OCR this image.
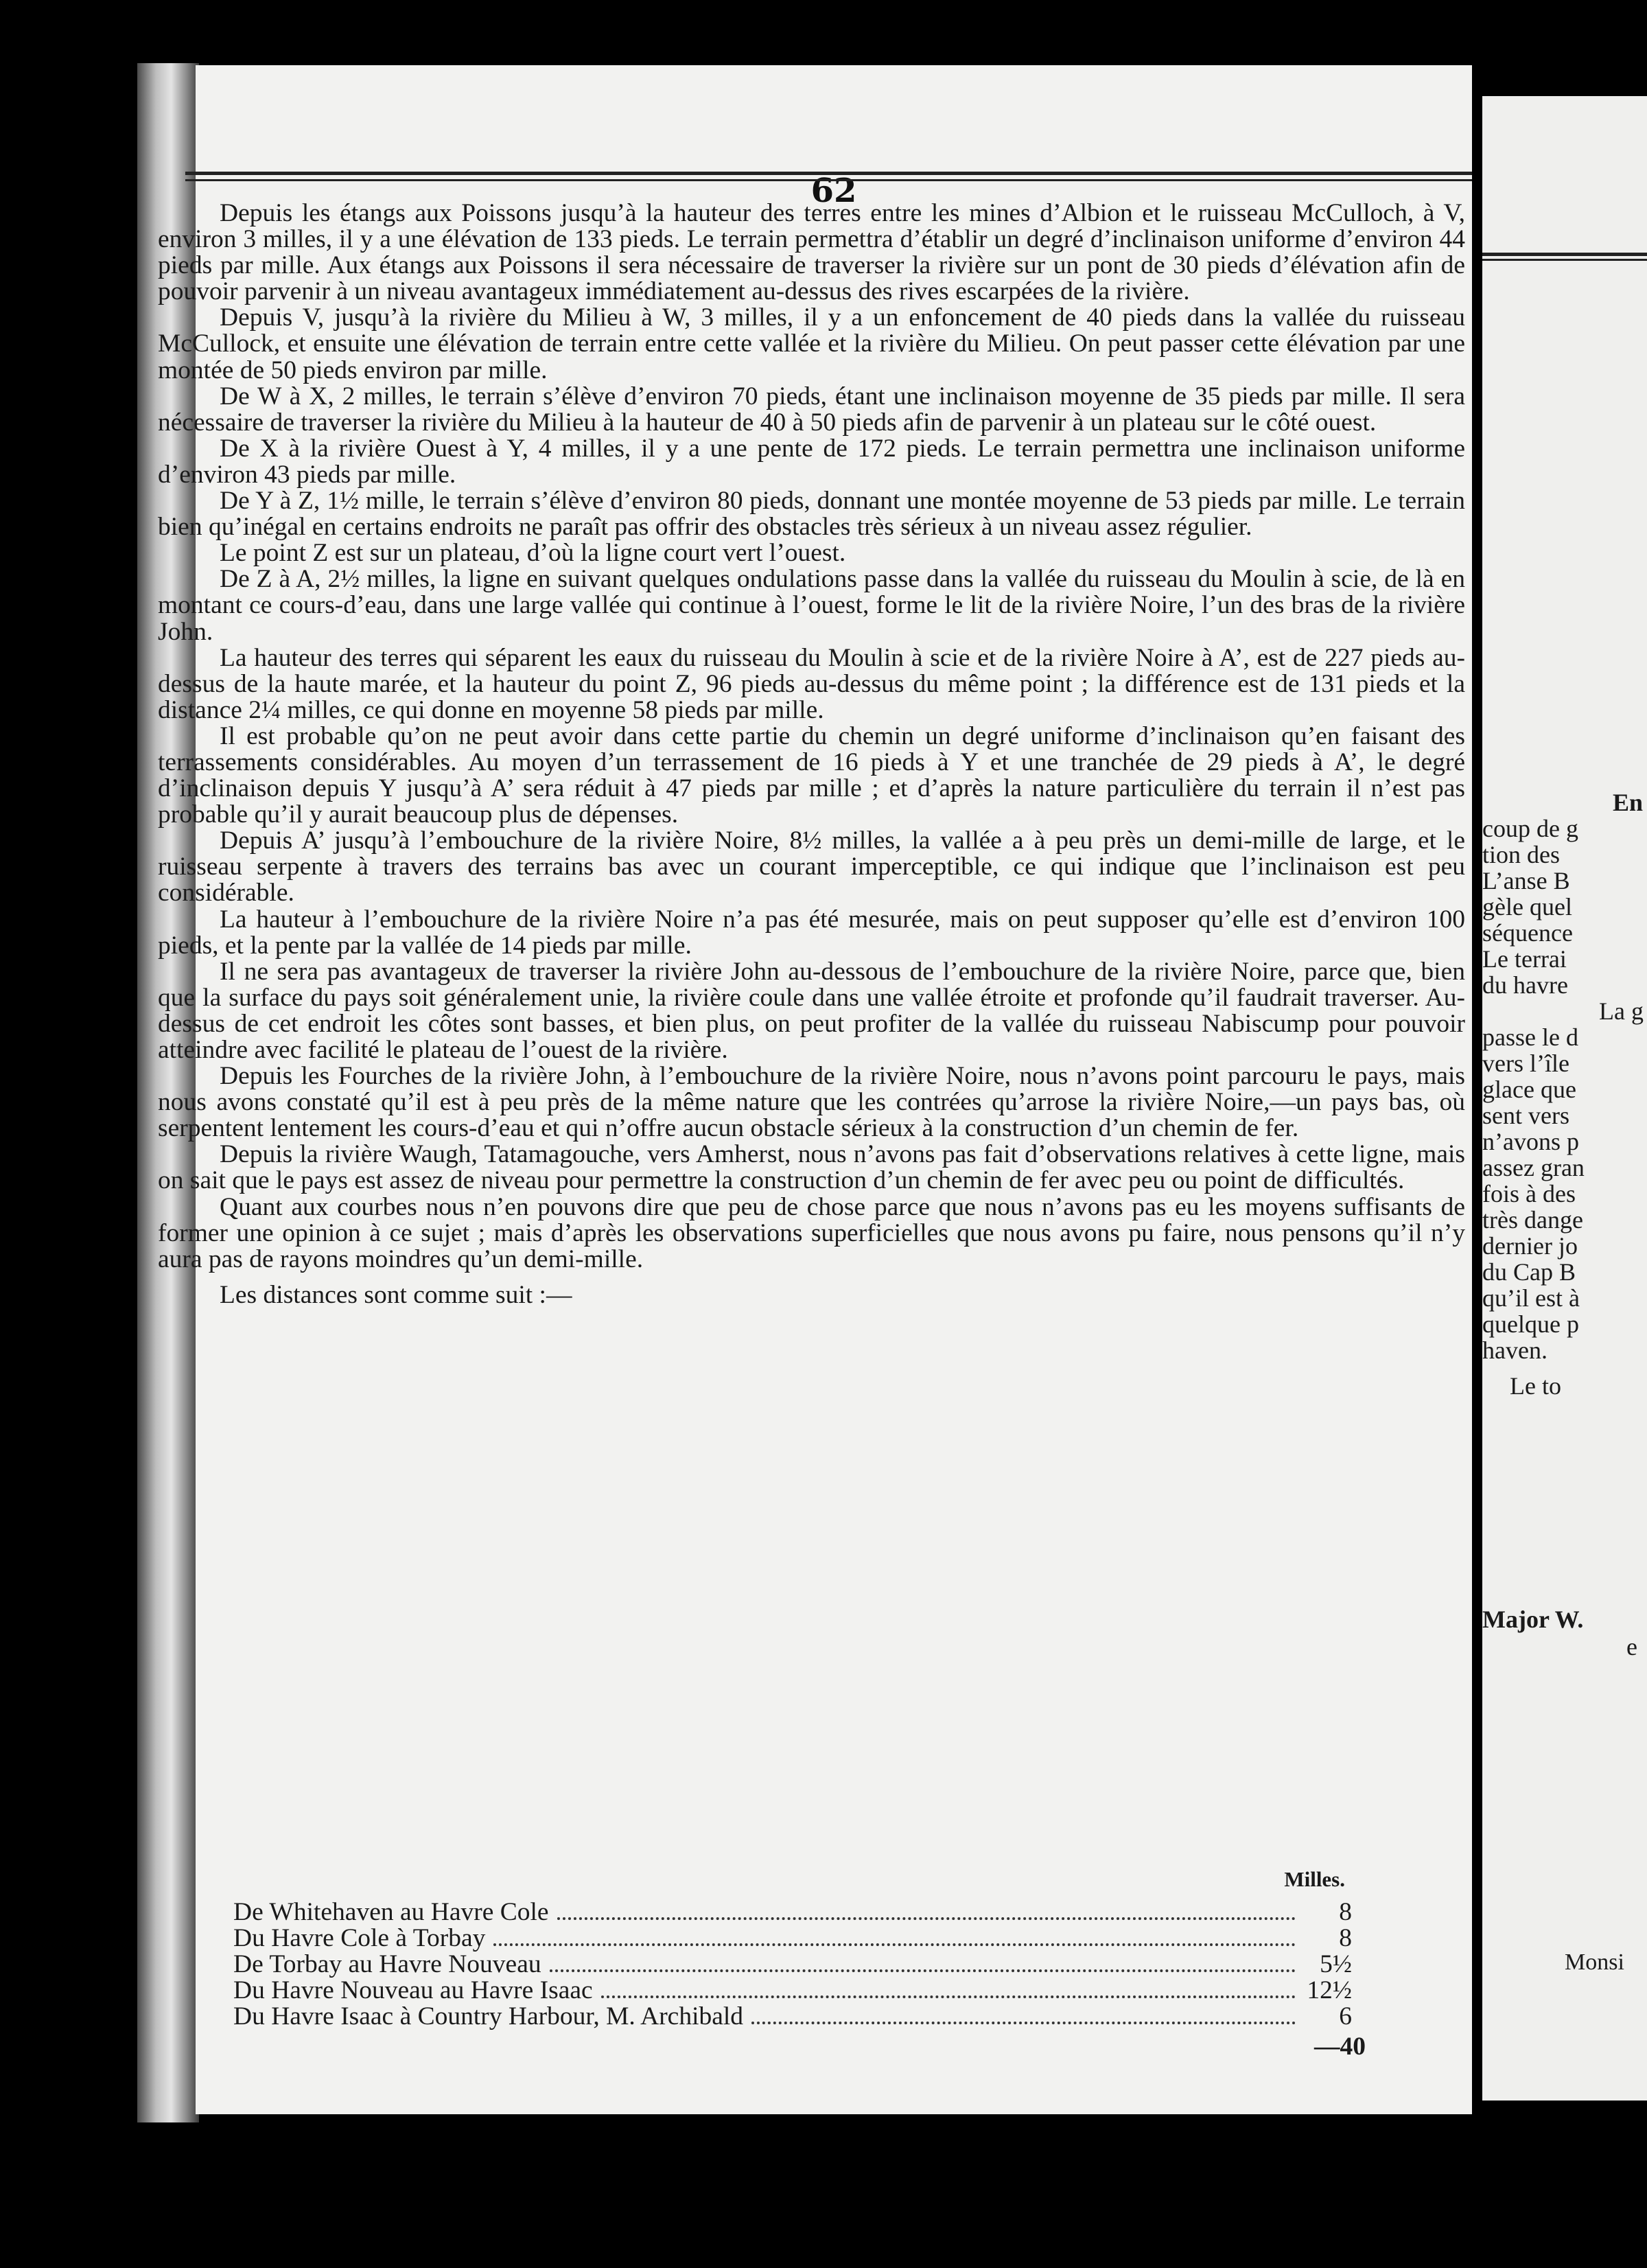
62

Depuis les étangs aux Poissons jusqu’à la hauteur des terres entre les mines d’Albion et le ruisseau McCulloch, à V, environ 3 milles, il y a une élévation de 133 pieds. Le terrain permettra d’établir un degré d’inclinaison uniforme d’environ 44 pieds par mille. Aux étangs aux Poissons il sera nécessaire de traverser la rivière sur un pont de 30 pieds d’élévation afin de pouvoir parvenir à un niveau avantageux immédiatement au-dessus des rives escarpées de la rivière.

Depuis V, jusqu’à la rivière du Milieu à W, 3 milles, il y a un enfoncement de 40 pieds dans la vallée du ruisseau McCullock, et ensuite une élévation de terrain entre cette vallée et la rivière du Milieu. On peut passer cette élévation par une montée de 50 pieds environ par mille.

De W à X, 2 milles, le terrain s’élève d’environ 70 pieds, étant une inclinaison moyenne de 35 pieds par mille. Il sera nécessaire de traverser la rivière du Milieu à la hauteur de 40 à 50 pieds afin de parvenir à un plateau sur le côté ouest.

De X à la rivière Ouest à Y, 4 milles, il y a une pente de 172 pieds. Le terrain permettra une inclinaison uniforme d’environ 43 pieds par mille.

De Y à Z, 1½ mille, le terrain s’élève d’environ 80 pieds, donnant une montée moyenne de 53 pieds par mille. Le terrain bien qu’inégal en certains endroits ne paraît pas offrir des obstacles très sérieux à un niveau assez régulier.

Le point Z est sur un plateau, d’où la ligne court vert l’ouest.

De Z à A, 2½ milles, la ligne en suivant quelques ondulations passe dans la vallée du ruisseau du Moulin à scie, de là en montant ce cours-d’eau, dans une large vallée qui continue à l’ouest, forme le lit de la rivière Noire, l’un des bras de la rivière John.

La hauteur des terres qui séparent les eaux du ruisseau du Moulin à scie et de la rivière Noire à A’, est de 227 pieds au-dessus de la haute marée, et la hauteur du point Z, 96 pieds au-dessus du même point ; la différence est de 131 pieds et la distance 2¼ milles, ce qui donne en moyenne 58 pieds par mille.

Il est probable qu’on ne peut avoir dans cette partie du chemin un degré uniforme d’inclinaison qu’en faisant des terrassements considérables. Au moyen d’un terrassement de 16 pieds à Y et une tranchée de 29 pieds à A’, le degré d’inclinaison depuis Y jusqu’à A’ sera réduit à 47 pieds par mille ; et d’après la nature particulière du terrain il n’est pas probable qu’il y aurait beaucoup plus de dépenses.

Depuis A’ jusqu’à l’embouchure de la rivière Noire, 8½ milles, la vallée a à peu près un demi-mille de large, et le ruisseau serpente à travers des terrains bas avec un courant imperceptible, ce qui indique que l’inclinaison est peu considérable.

La hauteur à l’embouchure de la rivière Noire n’a pas été mesurée, mais on peut supposer qu’elle est d’environ 100 pieds, et la pente par la vallée de 14 pieds par mille.

Il ne sera pas avantageux de traverser la rivière John au-dessous de l’embouchure de la rivière Noire, parce que, bien que la surface du pays soit généralement unie, la rivière coule dans une vallée étroite et profonde qu’il faudrait traverser. Au-dessus de cet endroit les côtes sont basses, et bien plus, on peut profiter de la vallée du ruisseau Nabiscump pour pouvoir atteindre avec facilité le plateau de l’ouest de la rivière.

Depuis les Fourches de la rivière John, à l’embouchure de la rivière Noire, nous n’avons point parcouru le pays, mais nous avons constaté qu’il est à peu près de la même nature que les contrées qu’arrose la rivière Noire,—un pays bas, où serpentent lentement les cours-d’eau et qui n’offre aucun obstacle sérieux à la construction d’un chemin de fer.

Depuis la rivière Waugh, Tatamagouche, vers Amherst, nous n’avons pas fait d’observations relatives à cette ligne, mais on sait que le pays est assez de niveau pour permettre la construction d’un chemin de fer avec peu ou point de difficultés.

Quant aux courbes nous n’en pouvons dire que peu de chose parce que nous n’avons pas eu les moyens suffisants de former une opinion à ce sujet ; mais d’après les observations superficielles que nous avons pu faire, nous pensons qu’il n’y aura pas de rayons moindres qu’un demi-mille.

Les distances sont comme suit :—

Milles.
De Whitehaven au Havre Cole	8
Du Havre Cole à Torbay	8
De Torbay au Havre Nouveau	5½
Du Havre Nouveau au Havre Isaac	12½
Du Havre Isaac à Country Harbour, M. Archibald	6
—40
En
coup de g
tion des
L’anse B
gèle quel
séquence
Le terrai
du havre
La g
passe le d
vers l’île
glace que
sent vers
n’avons p
assez gran
fois à des
très dange
dernier jo
du Cap B
qu’il est à
quelque p
haven.
Le to
Major W.
e
Monsi
